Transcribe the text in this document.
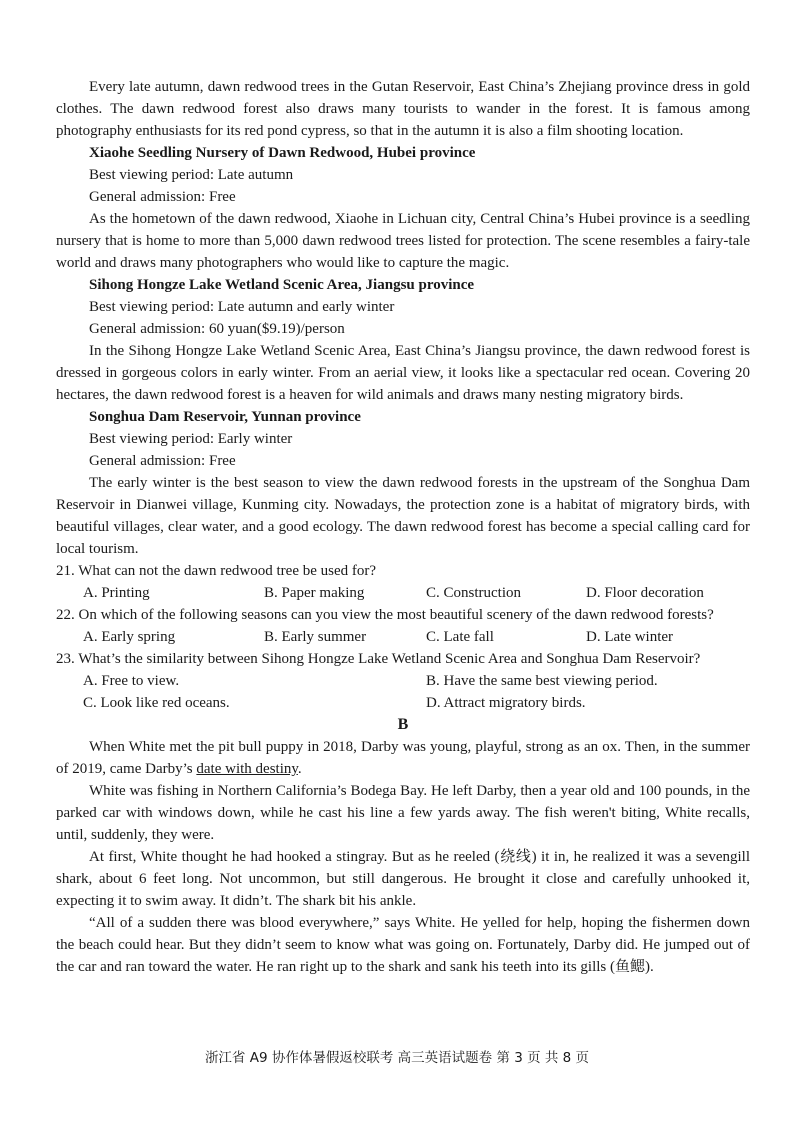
Every late autumn, dawn redwood trees in the Gutan Reservoir, East China’s Zhejiang province dress in gold clothes. The dawn redwood forest also draws many tourists to wander in the forest. It is famous among photography enthusiasts for its red pond cypress, so that in the autumn it is also a film shooting location.

Xiaohe Seedling Nursery of Dawn Redwood, Hubei province

Best viewing period: Late autumn

General admission: Free

As the hometown of the dawn redwood, Xiaohe in Lichuan city, Central China’s Hubei province is a seedling nursery that is home to more than 5,000 dawn redwood trees listed for protection. The scene resembles a fairy-tale world and draws many photographers who would like to capture the magic.

Sihong Hongze Lake Wetland Scenic Area, Jiangsu province

Best viewing period: Late autumn and early winter

General admission: 60 yuan($9.19)/person

In the Sihong Hongze Lake Wetland Scenic Area, East China’s Jiangsu province, the dawn redwood forest is dressed in gorgeous colors in early winter. From an aerial view, it looks like a spectacular red ocean. Covering 20 hectares, the dawn redwood forest is a heaven for wild animals and draws many nesting migratory birds.

Songhua Dam Reservoir, Yunnan province

Best viewing period: Early winter

General admission: Free

The early winter is the best season to view the dawn redwood forests in the upstream of the Songhua Dam Reservoir in Dianwei village, Kunming city. Nowadays, the protection zone is a habitat of migratory birds, with beautiful villages, clear water, and a good ecology. The dawn redwood forest has become a special calling card for local tourism.

21. What can not the dawn redwood tree be used for?

A. Printing	B. Paper making	C. Construction	D. Floor decoration

22. On which of the following seasons can you view the most beautiful scenery of the dawn redwood forests?

A. Early spring	B. Early summer	C. Late fall	D. Late winter

23. What’s the similarity between Sihong Hongze Lake Wetland Scenic Area and Songhua Dam Reservoir?

A. Free to view.	B. Have the same best viewing period.
C. Look like red oceans.	D. Attract migratory birds.

B

When White met the pit bull puppy in 2018, Darby was young, playful, strong as an ox. Then, in the summer of 2019, came Darby’s date with destiny.

White was fishing in Northern California’s Bodega Bay. He left Darby, then a year old and 100 pounds, in the parked car with windows down, while he cast his line a few yards away. The fish weren't biting, White recalls, until, suddenly, they were.

At first, White thought he had hooked a stingray. But as he reeled (绕线) it in, he realized it was a sevengill shark, about 6 feet long. Not uncommon, but still dangerous. He brought it close and carefully unhooked it, expecting it to swim away. It didn’t. The shark bit his ankle.

“All of a sudden there was blood everywhere,” says White. He yelled for help, hoping the fishermen down the beach could hear. But they didn’t seem to know what was going on. Fortunately, Darby did. He jumped out of the car and ran toward the water. He ran right up to the shark and sank his teeth into its gills (鱼鳃).

浙江省 A9 协作体暑假返校联考 高三英语试题卷 第 3 页 共 8 页
